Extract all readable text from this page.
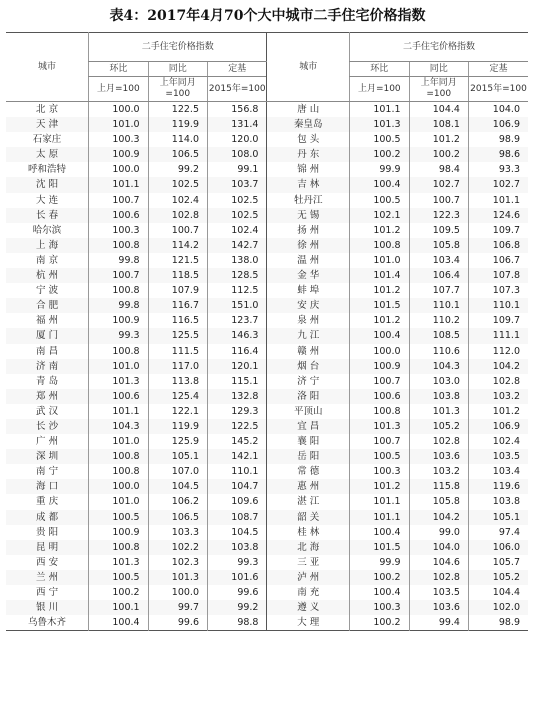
表4：2017年4月70个大中城市二手住宅价格指数
城市	二手住宅价格指数			城市	二手住宅价格指数		
	环比	同比	定基		环比	同比	定基
	上月=100	上年同月=100	2015年=100		上月=100	上年同月=100	2015年=100
北 京	100.0	122.5	156.8	唐 山	101.1	104.4	104.0
天 津	101.0	119.9	131.4	秦皇岛	101.3	108.1	106.9
石家庄	100.3	114.0	120.0	包 头	100.5	101.2	98.9
太 原	100.9	106.5	108.0	丹 东	100.2	100.2	98.6
呼和浩特	100.0	99.2	99.1	锦 州	99.9	98.4	93.3
沈 阳	101.1	102.5	103.7	吉 林	100.4	102.7	102.7
大 连	100.7	102.4	102.5	牡丹江	100.5	100.7	101.1
长 春	100.6	102.8	102.5	无 锡	102.1	122.3	124.6
哈尔滨	100.3	100.7	102.4	扬 州	101.2	109.5	109.7
上 海	100.8	114.2	142.7	徐 州	100.8	105.8	106.8
南 京	99.8	121.5	138.0	温 州	101.0	103.4	106.7
杭 州	100.7	118.5	128.5	金 华	101.4	106.4	107.8
宁 波	100.8	107.9	112.5	蚌 埠	101.2	107.7	107.3
合 肥	99.8	116.7	151.0	安 庆	101.5	110.1	110.1
福 州	100.9	116.5	123.7	泉 州	101.2	110.2	109.7
厦 门	99.3	125.5	146.3	九 江	100.4	108.5	111.1
南 昌	100.8	111.5	116.4	赣 州	100.0	110.6	112.0
济 南	101.0	117.0	120.1	烟 台	100.9	104.3	104.2
青 岛	101.3	113.8	115.1	济 宁	100.7	103.0	102.8
郑 州	100.6	125.4	132.8	洛 阳	100.6	103.8	103.2
武 汉	101.1	122.1	129.3	平顶山	100.8	101.3	101.2
长 沙	104.3	119.9	122.5	宜 昌	101.3	105.2	106.9
广 州	101.0	125.9	145.2	襄 阳	100.7	102.8	102.4
深 圳	100.8	105.1	142.1	岳 阳	100.5	103.6	103.5
南 宁	100.8	107.0	110.1	常 德	100.3	103.2	103.4
海 口	100.0	104.5	104.7	惠 州	101.2	115.8	119.6
重 庆	101.0	106.2	109.6	湛 江	101.1	105.8	103.8
成 都	100.5	106.5	108.7	韶 关	101.1	104.2	105.1
贵 阳	100.9	103.3	104.5	桂 林	100.4	99.0	97.4
昆 明	100.8	102.2	103.8	北 海	101.5	104.0	106.0
西 安	101.3	102.3	99.3	三 亚	99.9	104.6	105.7
兰 州	100.5	101.3	101.6	泸 州	100.2	102.8	105.2
西 宁	100.2	100.0	99.6	南 充	100.4	103.5	104.4
银 川	100.1	99.7	99.2	遵 义	100.3	103.6	102.0
乌鲁木齐	100.4	99.6	98.8	大 理	100.2	99.4	98.9
